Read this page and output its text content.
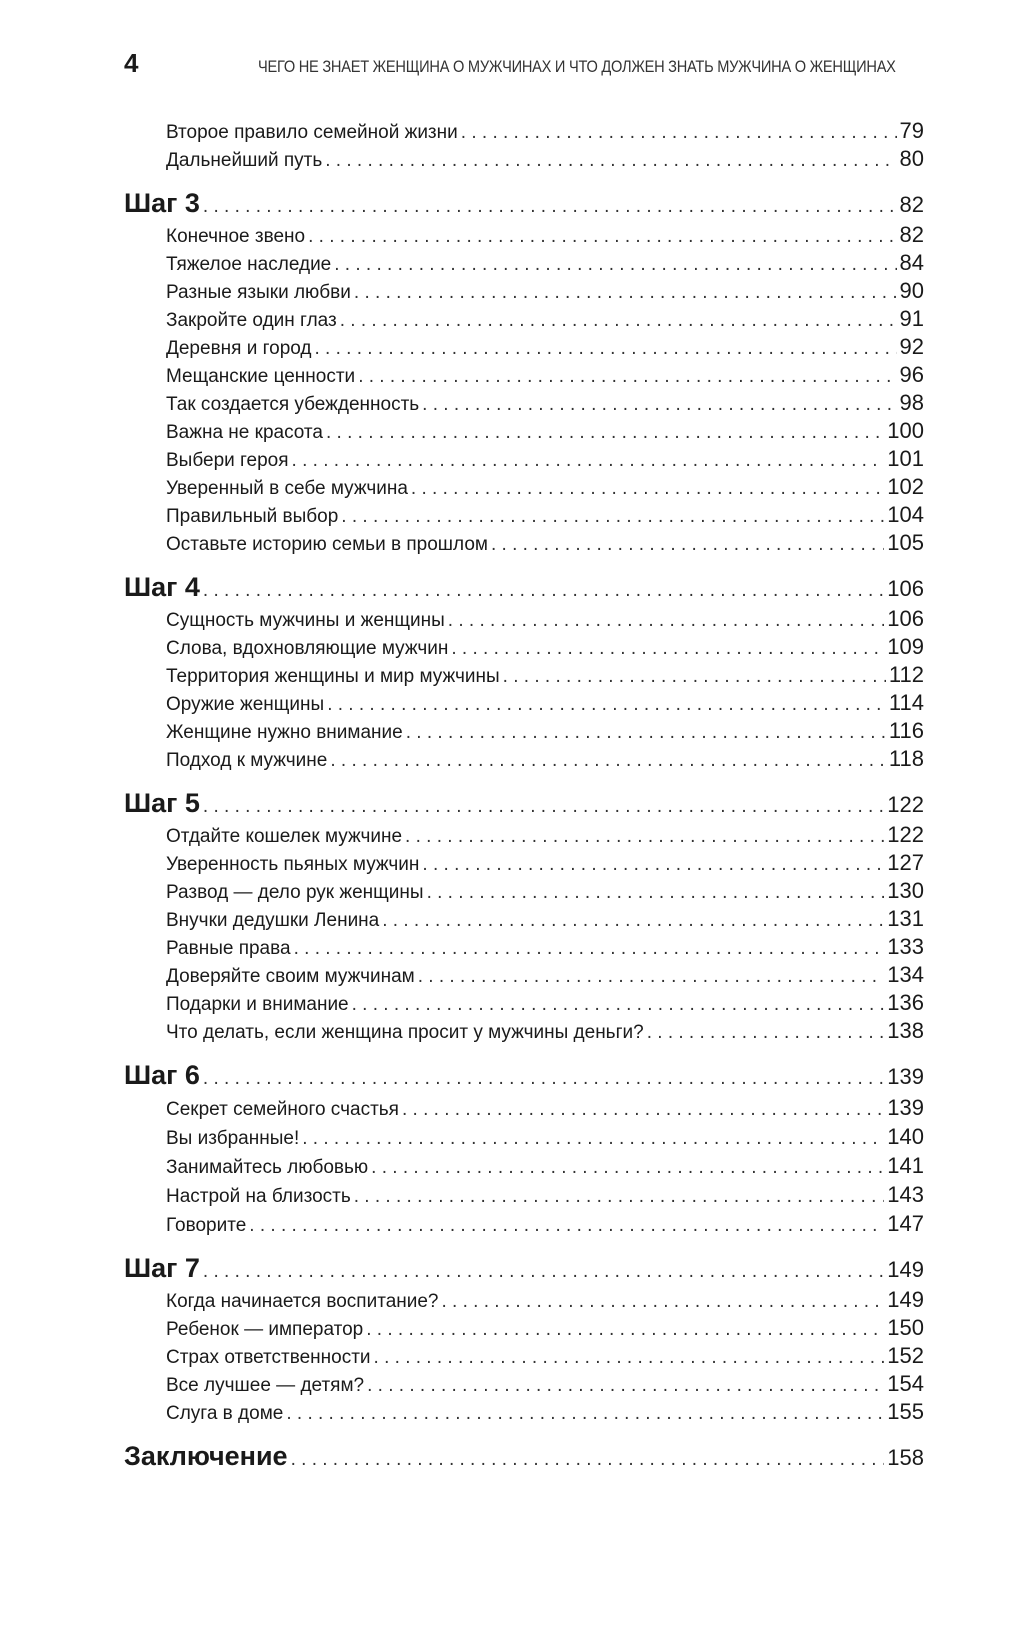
4	ЧЕГО НЕ ЗНАЕТ ЖЕНЩИНА О МУЖЧИНАХ И ЧТО ДОЛЖЕН ЗНАТЬ МУЖЧИНА О ЖЕНЩИНАХ
Второе правило семейной жизни . . .	79
Дальнейший путь . . .	80
Шаг 3 . . .	82
Конечное звено . . .	82
Тяжелое наследие . . .	84
Разные языки любви . . .	90
Закройте один глаз . . .	91
Деревня и город . . .	92
Мещанские ценности . . .	96
Так создается убежденность . . .	98
Важна не красота . . .	100
Выбери героя . . .	101
Уверенный в себе мужчина . . .	102
Правильный выбор . . .	104
Оставьте историю семьи в прошлом . . .	105
Шаг 4 . . .	106
Сущность мужчины и женщины . . .	106
Слова, вдохновляющие мужчин . . .	109
Территория женщины и мир мужчины . . .	112
Оружие женщины . . .	114
Женщине нужно внимание . . .	116
Подход к мужчине . . .	118
Шаг 5 . . .	122
Отдайте кошелек мужчине . . .	122
Уверенность пьяных мужчин . . .	127
Развод — дело рук женщины . . .	130
Внучки дедушки Ленина . . .	131
Равные права . . .	133
Доверяйте своим мужчинам . . .	134
Подарки и внимание . . .	136
Что делать, если женщина просит у мужчины деньги? . . .	138
Шаг 6 . . .	139
Секрет семейного счастья . . .	139
Вы избранные! . . .	140
Занимайтесь любовью . . .	141
Настрой на близость . . .	143
Говорите . . .	147
Шаг 7 . . .	149
Когда начинается воспитание? . . .	149
Ребенок — император . . .	150
Страх ответственности . . .	152
Все лучшее — детям? . . .	154
Слуга в доме . . .	155
Заключение . . .	158
